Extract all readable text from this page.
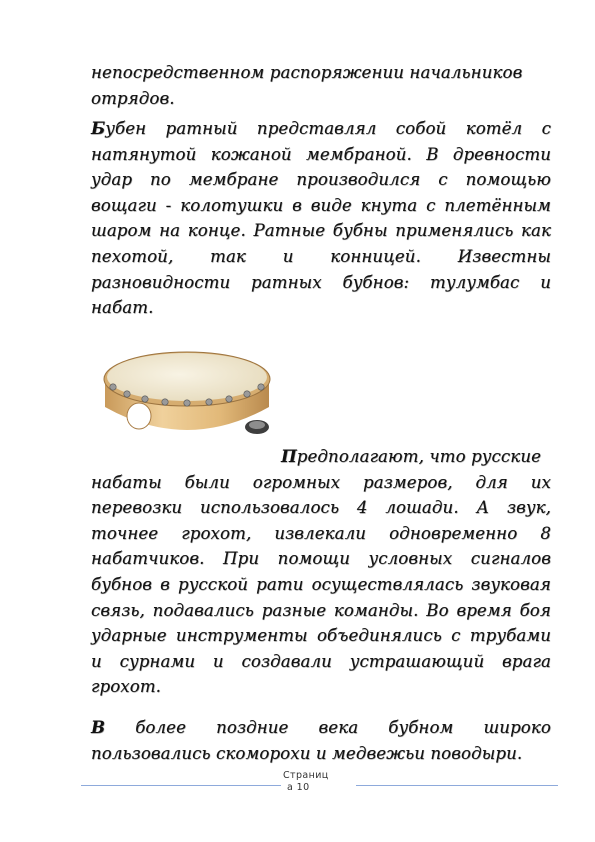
непосредственном распоряжении начальников отрядов.

Бубен ратный представлял собой котёл с натянутой кожаной мембраной. В древности удар по мембране производился с помощью вощаги - колотушки в виде кнута с плетённым шаром на конце. Ратные бубны применялись как пехотой, так и конницей. Известны разновидности ратных бубнов: тулумбас и набат.

Предполагают, что русские

набаты были огромных размеров, для их перевозки использовалось 4 лошади. А звук, точнее грохот, извлекали одновременно 8 набатчиков. При помощи условных сигналов бубнов в русской рати осуществлялась звуковая связь, подавались разные команды. Во время боя ударные инструменты объединялись с трубами и сурнами и создавали устрашающий врага грохот.

В более поздние века бубном широко пользовались скоморохи и медвежьи поводыри.

Страниц
а 10
